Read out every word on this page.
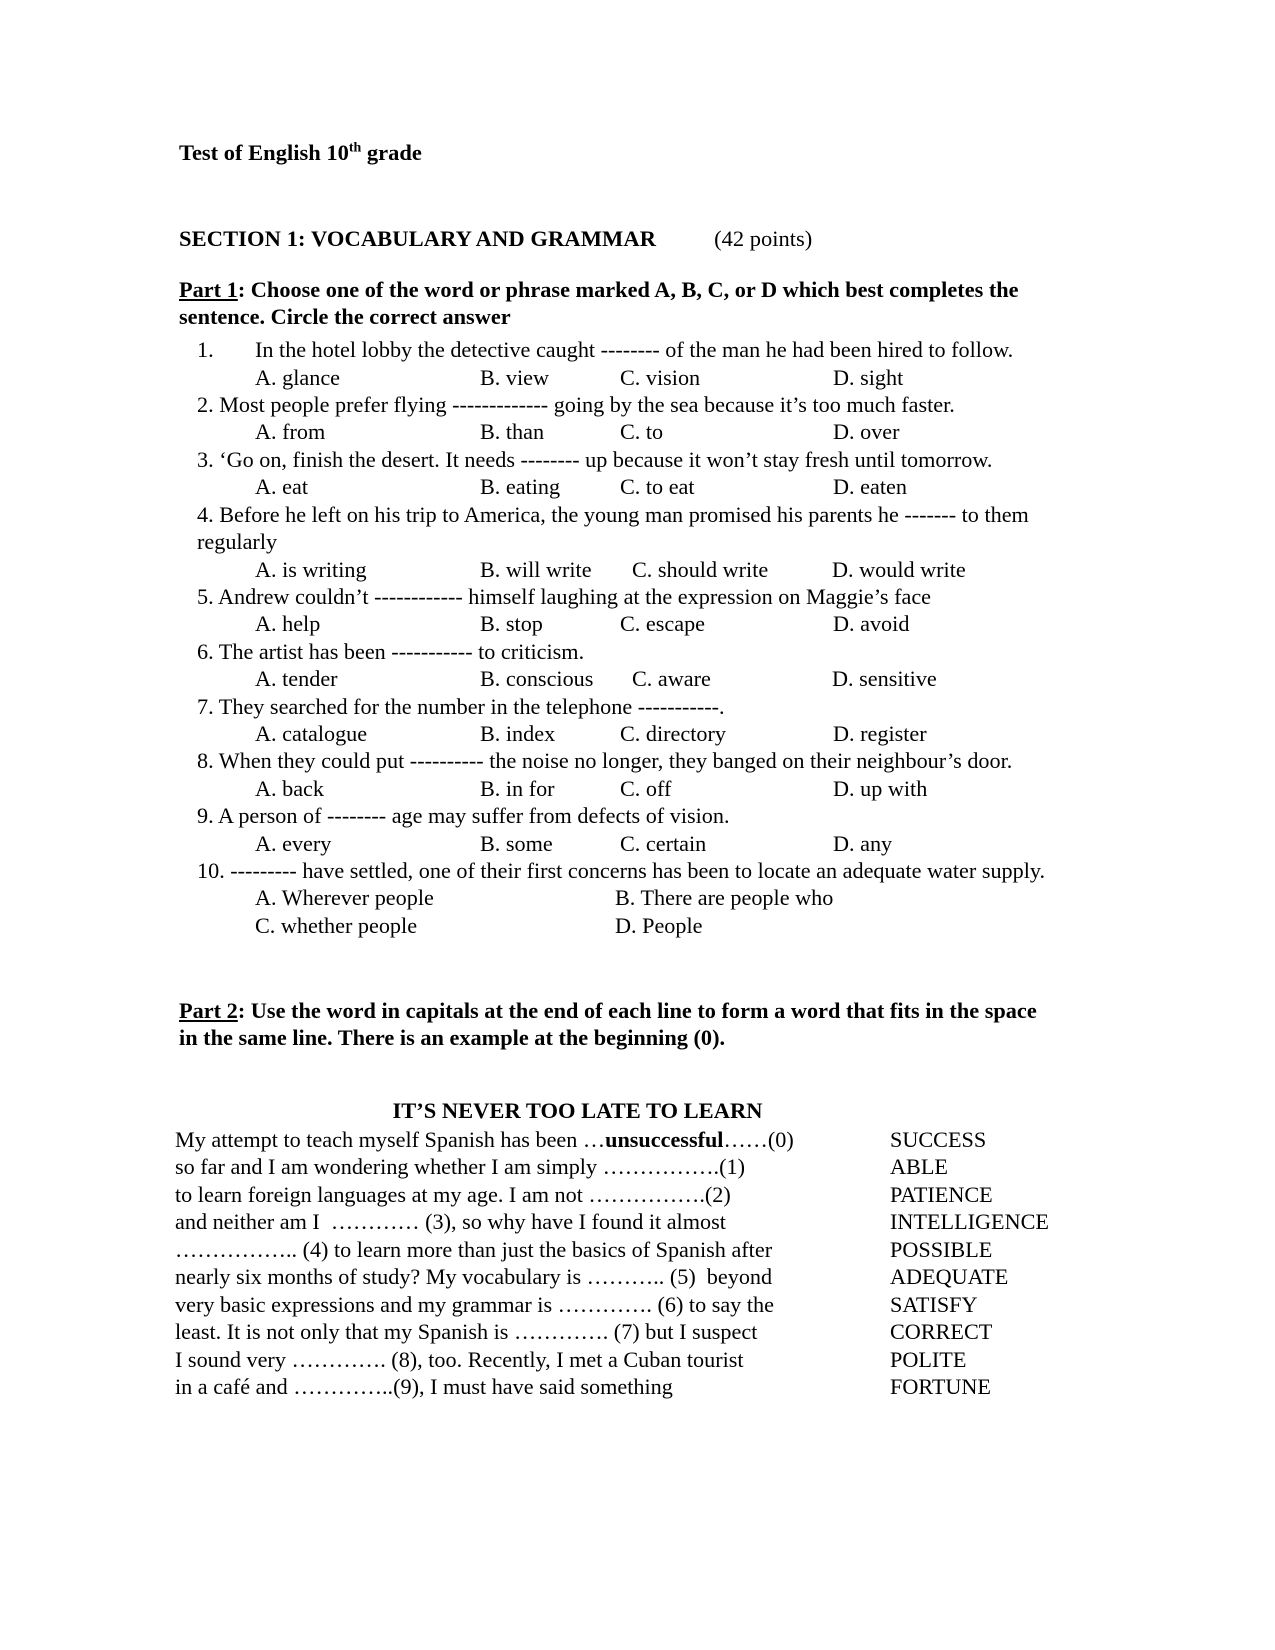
Test of English 10th grade
SECTION 1: VOCABULARY AND GRAMMAR	(42 points)
Part 1: Choose one of the word or phrase marked A, B, C, or D which best completes the sentence. Circle the correct answer
1. In the hotel lobby the detective caught -------- of the man he had been hired to follow.
A. glance	B. view	C. vision	D. sight
2. Most people prefer flying ------------- going by the sea because it’s too much faster.
A. from	B. than	C. to	D. over
3. ‘Go on, finish the desert. It needs -------- up because it won’t stay fresh until tomorrow.
A. eat	B. eating	C. to eat	D. eaten
4. Before he left on his trip to America, the young man promised his parents he ------- to them regularly
A. is writing	B. will write C. should write	D. would write
5. Andrew couldn’t ------------ himself laughing at the expression on Maggie’s face
A. help	B. stop	C. escape	D. avoid
6. The artist has been ----------- to criticism.
A. tender	B. conscious C. aware	D. sensitive
7. They searched for the number in the telephone -----------.
A. catalogue	B. index	C. directory	D. register
8. When they could put ---------- the noise no longer, they banged on their neighbour’s door.
A. back	B. in for	C. off	D. up with
9. A person of -------- age may suffer from defects of vision.
A. every	B. some	C. certain	D. any
10. --------- have settled, one of their first concerns has been to locate an adequate water supply.
A. Wherever people	B. There are people who
C. whether people	D. People
Part 2: Use the word in capitals at the end of each line to form a word that fits in the space in the same line. There is an example at the beginning (0).
IT’S NEVER TOO LATE TO LEARN
My attempt to teach myself Spanish has been …unsuccessful……(0)	SUCCESS
so far and I am wondering whether I am simply …………….(1)	ABLE
to learn foreign languages at my age. I am not …………….(2)	PATIENCE
and neither am I  ………… (3), so why have I found it almost	INTELLIGENCE
…………….. (4) to learn more than just the basics of Spanish after	POSSIBLE
nearly six months of study? My vocabulary is ……….. (5)  beyond	ADEQUATE
very basic expressions and my grammar is …………. (6) to say the	SATISFY
least. It is not only that my Spanish is …………. (7) but I suspect	CORRECT
I sound very …………. (8), too. Recently, I met a Cuban tourist	POLITE
in a café and …………..(9), I must have said something	FORTUNE
